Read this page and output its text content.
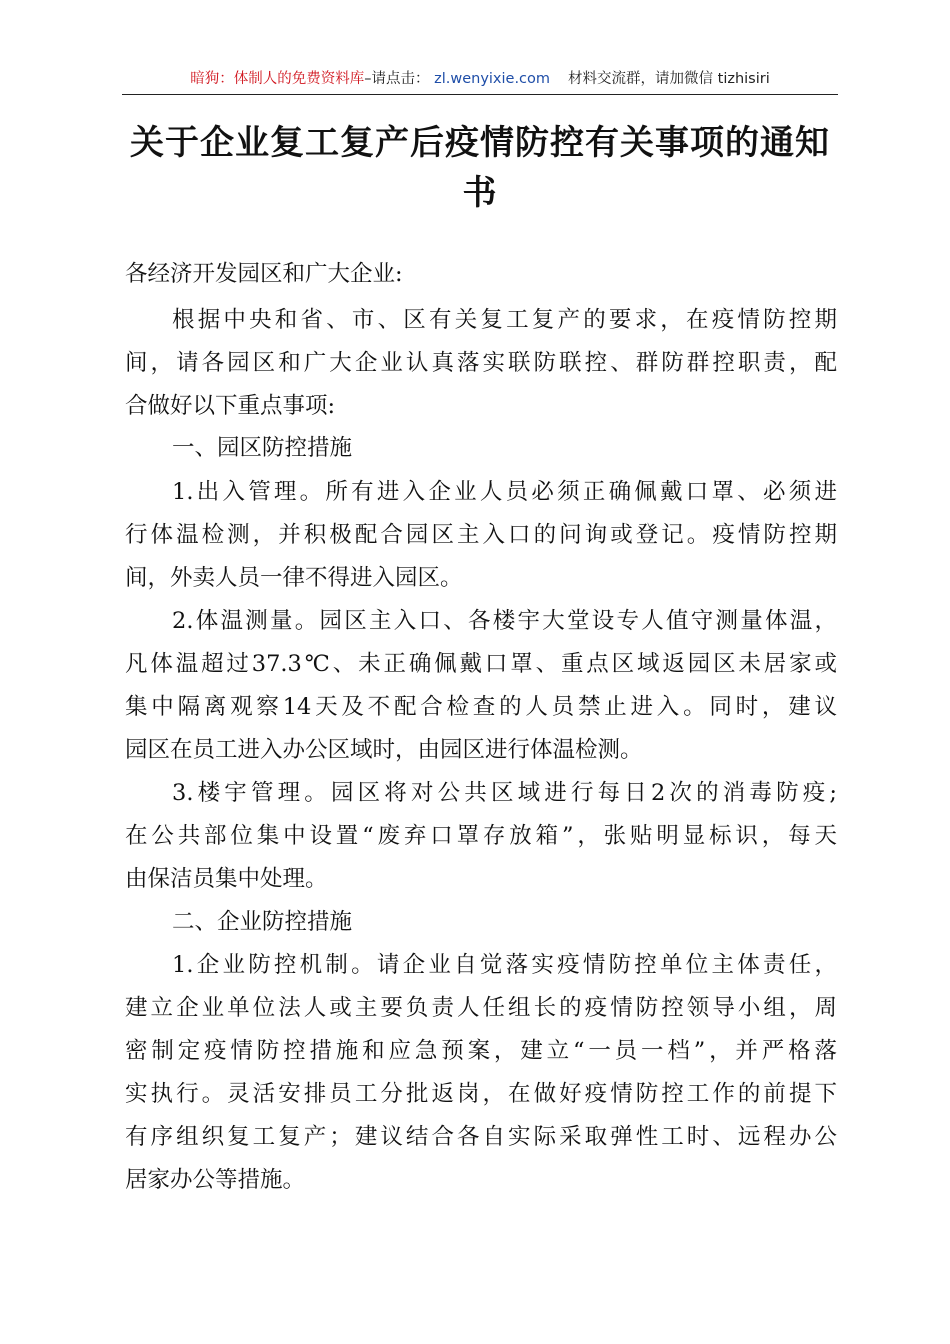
暗狗：体制人的免费资料库–请点击： zl.wenyixie.com 材料交流群，请加微信 tizhisiri
关于企业复工复产后疫情防控有关事项的通知
书
各经济开发园区和广大企业:
根据中央和省、市、区有关复工复产的要求，在疫情防控期
间，请各园区和广大企业认真落实联防联控、群防群控职责，配
合做好以下重点事项:
一、园区防控措施
1.出入管理。所有进入企业人员必须正确佩戴口罩、必须进
行体温检测，并积极配合园区主入口的问询或登记。疫情防控期
间，外卖人员一律不得进入园区。
2.体温测量。园区主入口、各楼宇大堂设专人值守测量体温，
凡体温超过37.3℃、未正确佩戴口罩、重点区域返园区未居家或
集中隔离观察14天及不配合检查的人员禁止进入。同时，建议
园区在员工进入办公区域时，由园区进行体温检测。
3.楼宇管理。园区将对公共区域进行每日2次的消毒防疫;
在公共部位集中设置“废弃口罩存放箱”，张贴明显标识，每天
由保洁员集中处理。
二、企业防控措施
1.企业防控机制。请企业自觉落实疫情防控单位主体责任，
建立企业单位法人或主要负责人任组长的疫情防控领导小组，周
密制定疫情防控措施和应急预案，建立“一员一档”，并严格落
实执行。灵活安排员工分批返岗，在做好疫情防控工作的前提下
有序组织复工复产；建议结合各自实际采取弹性工时、远程办公
居家办公等措施。
